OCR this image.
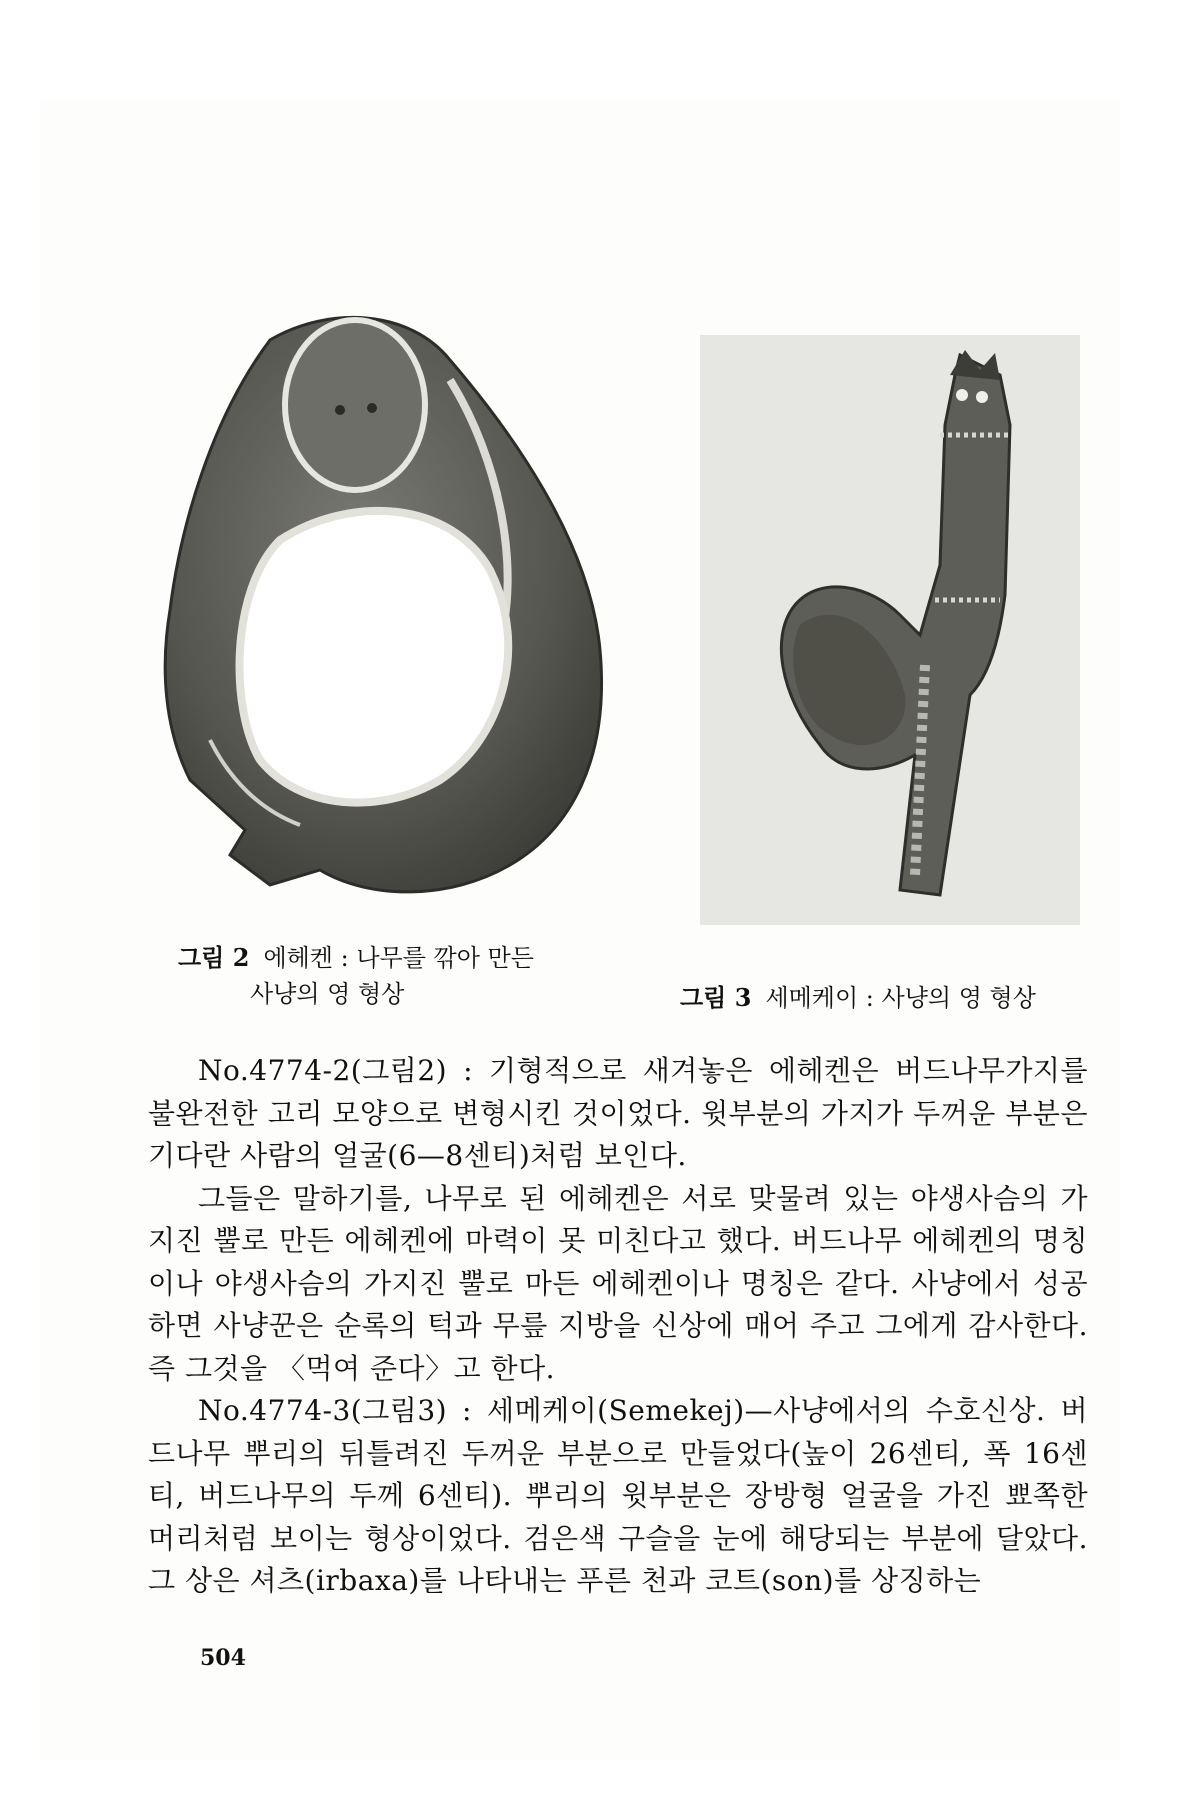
그림 2 에헤켄 : 나무를 깎아 만든
사냥의 영 형상	그림 3 세메케이 : 사냥의 영 형상

No.4774-2(그림2) : 기형적으로 새겨놓은 에헤켄은 버드나무가지를 불완전한 고리 모양으로 변형시킨 것이었다. 윗부분의 가지가 두꺼운 부분은 기다란 사람의 얼굴(6—8센티)처럼 보인다.

그들은 말하기를, 나무로 된 에헤켄은 서로 맞물려 있는 야생사슴의 가지진 뿔로 만든 에헤켄에 마력이 못 미친다고 했다. 버드나무 에헤켄의 명칭이나 야생사슴의 가지진 뿔로 마든 에헤켄이나 명칭은 같다. 사냥에서 성공하면 사냥꾼은 순록의 턱과 무릎 지방을 신상에 매어 주고 그에게 감사한다. 즉 그것을 〈먹여 준다〉고 한다.

No.4774-3(그림3) : 세메케이(Semekej)—사냥에서의 수호신상. 버드나무 뿌리의 뒤틀려진 두꺼운 부분으로 만들었다(높이 26센티, 폭 16센티, 버드나무의 두께 6센티). 뿌리의 윗부분은 장방형 얼굴을 가진 뾰쪽한 머리처럼 보이는 형상이었다. 검은색 구슬을 눈에 해당되는 부분에 달았다. 그 상은 셔츠(irbaxa)를 나타내는 푸른 천과 코트(son)를 상징하는

504
